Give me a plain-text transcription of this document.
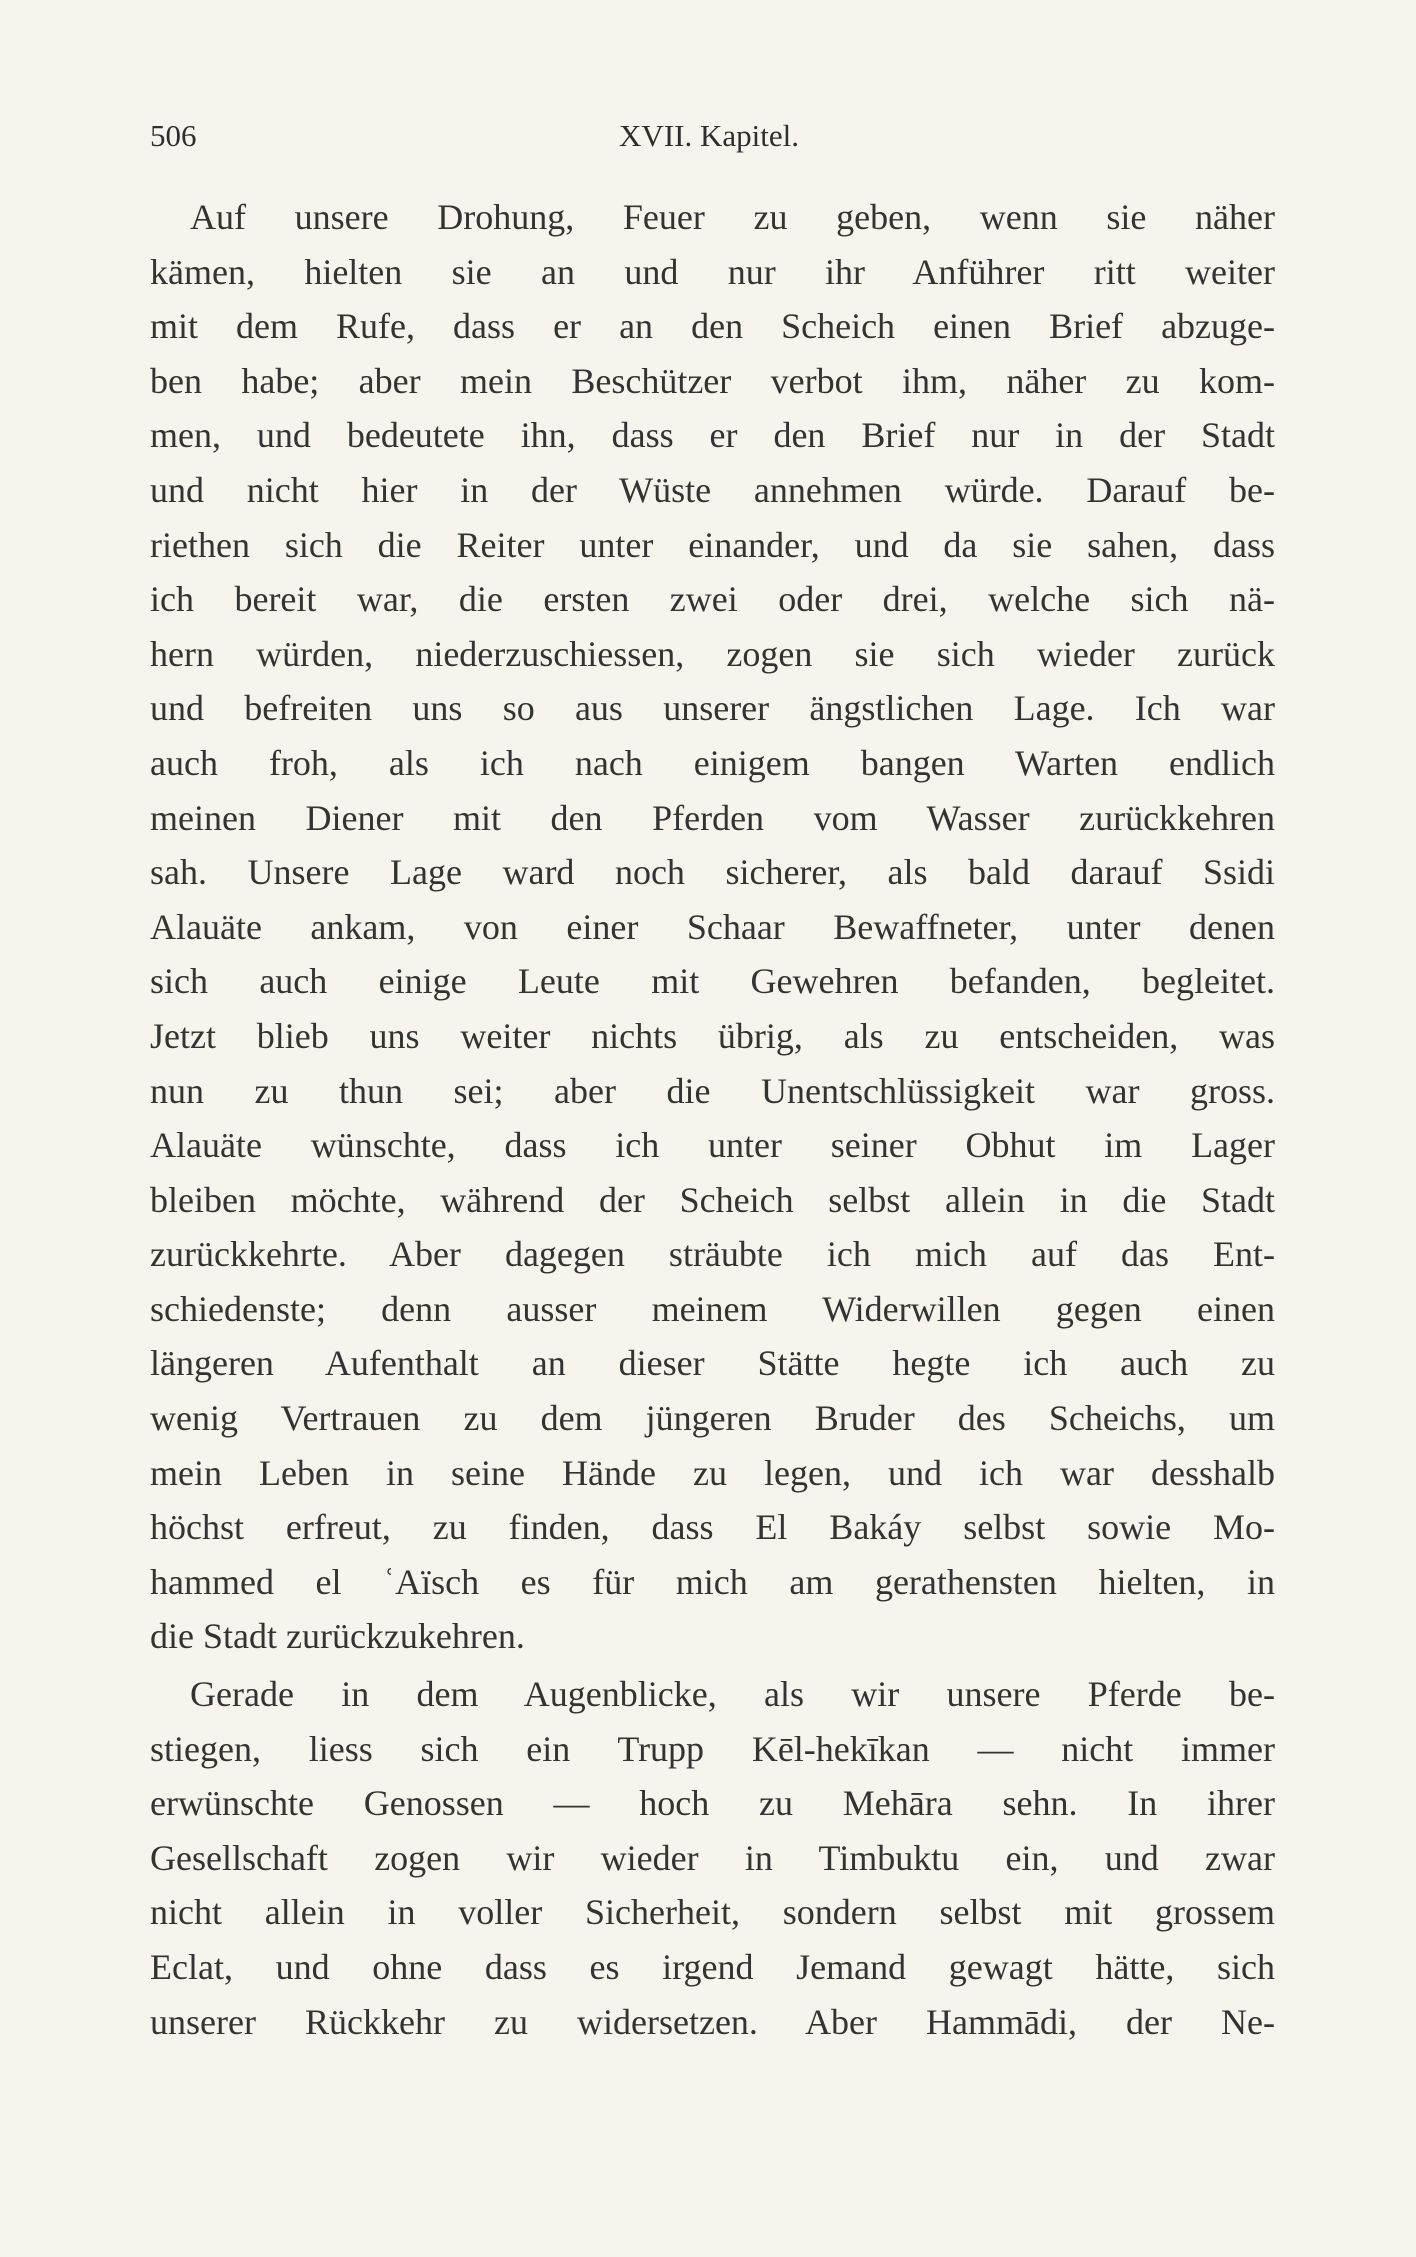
506	XVII. Kapitel.
Auf unsere Drohung, Feuer zu geben, wenn sie näher
kämen, hielten sie an und nur ihr Anführer ritt weiter
mit dem Rufe, dass er an den Scheich einen Brief abzuge-
ben habe; aber mein Beschützer verbot ihm, näher zu kom-
men, und bedeutete ihn, dass er den Brief nur in der Stadt
und nicht hier in der Wüste annehmen würde. Darauf be-
riethen sich die Reiter unter einander, und da sie sahen, dass
ich bereit war, die ersten zwei oder drei, welche sich nä-
hern würden, niederzuschiessen, zogen sie sich wieder zurück
und befreiten uns so aus unserer ängstlichen Lage. Ich war
auch froh, als ich nach einigem bangen Warten endlich
meinen Diener mit den Pferden vom Wasser zurückkehren
sah. Unsere Lage ward noch sicherer, als bald darauf Ssidi
Alauäte ankam, von einer Schaar Bewaffneter, unter denen
sich auch einige Leute mit Gewehren befanden, begleitet.
Jetzt blieb uns weiter nichts übrig, als zu entscheiden, was
nun zu thun sei; aber die Unentschlüssigkeit war gross.
Alauäte wünschte, dass ich unter seiner Obhut im Lager
bleiben möchte, während der Scheich selbst allein in die Stadt
zurückkehrte. Aber dagegen sträubte ich mich auf das Ent-
schiedenste; denn ausser meinem Widerwillen gegen einen
längeren Aufenthalt an dieser Stätte hegte ich auch zu
wenig Vertrauen zu dem jüngeren Bruder des Scheichs, um
mein Leben in seine Hände zu legen, und ich war desshalb
höchst erfreut, zu finden, dass El Bakáy selbst sowie Mo-
hammed el ʿAïsch es für mich am gerathensten hielten, in
die Stadt zurückzukehren.
Gerade in dem Augenblicke, als wir unsere Pferde be-
stiegen, liess sich ein Trupp Kēl-hekīkan — nicht immer
erwünschte Genossen — hoch zu Mehāra sehn. In ihrer
Gesellschaft zogen wir wieder in Timbuktu ein, und zwar
nicht allein in voller Sicherheit, sondern selbst mit grossem
Eclat, und ohne dass es irgend Jemand gewagt hätte, sich
unserer Rückkehr zu widersetzen. Aber Hammādi, der Ne-
